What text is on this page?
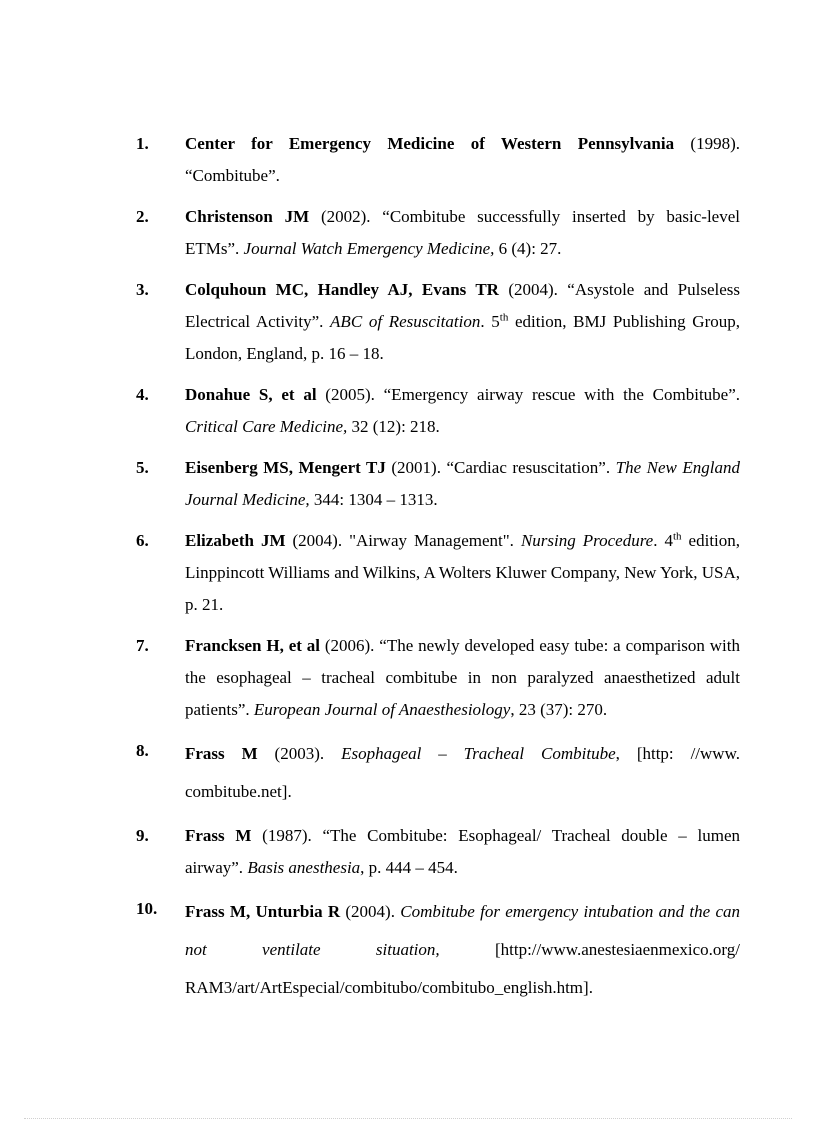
1.	Center for Emergency Medicine of Western Pennsylvania (1998). “Combitube”.
2.	Christenson JM (2002). “Combitube successfully inserted by basic-level ETMs”. Journal Watch Emergency Medicine, 6 (4): 27.
3.	Colquhoun MC, Handley AJ, Evans TR (2004). “Asystole and Pulseless Electrical Activity”. ABC of Resuscitation. 5th edition, BMJ Publishing Group, London, England, p. 16 – 18.
4.	Donahue S, et al (2005). “Emergency airway rescue with the Combitube”. Critical Care Medicine, 32 (12): 218.
5.	Eisenberg MS, Mengert TJ (2001). “Cardiac resuscitation”. The New England Journal Medicine, 344: 1304 – 1313.
6.	Elizabeth JM (2004). "Airway Management". Nursing Procedure. 4th edition, Linppincott Williams and Wilkins, A Wolters Kluwer Company, New York, USA, p. 21.
7.	Francksen H, et al (2006). “The newly developed easy tube: a comparison with the esophageal – tracheal combitube in non paralyzed anaesthetized adult patients”. European Journal of Anaesthesiology, 23 (37): 270.
8.	Frass M (2003). Esophageal – Tracheal Combitube, [http: //www. combitube.net].
9.	Frass M (1987). “The Combitube: Esophageal/ Tracheal double – lumen airway”. Basis anesthesia, p. 444 – 454.
10.	Frass M, Unturbia R (2004). Combitube for emergency intubation and the can not ventilate situation, [http://www.anestesiaenmexico.org/ RAM3/art/ArtEspecial/combitubo/combitubo_english.htm].
